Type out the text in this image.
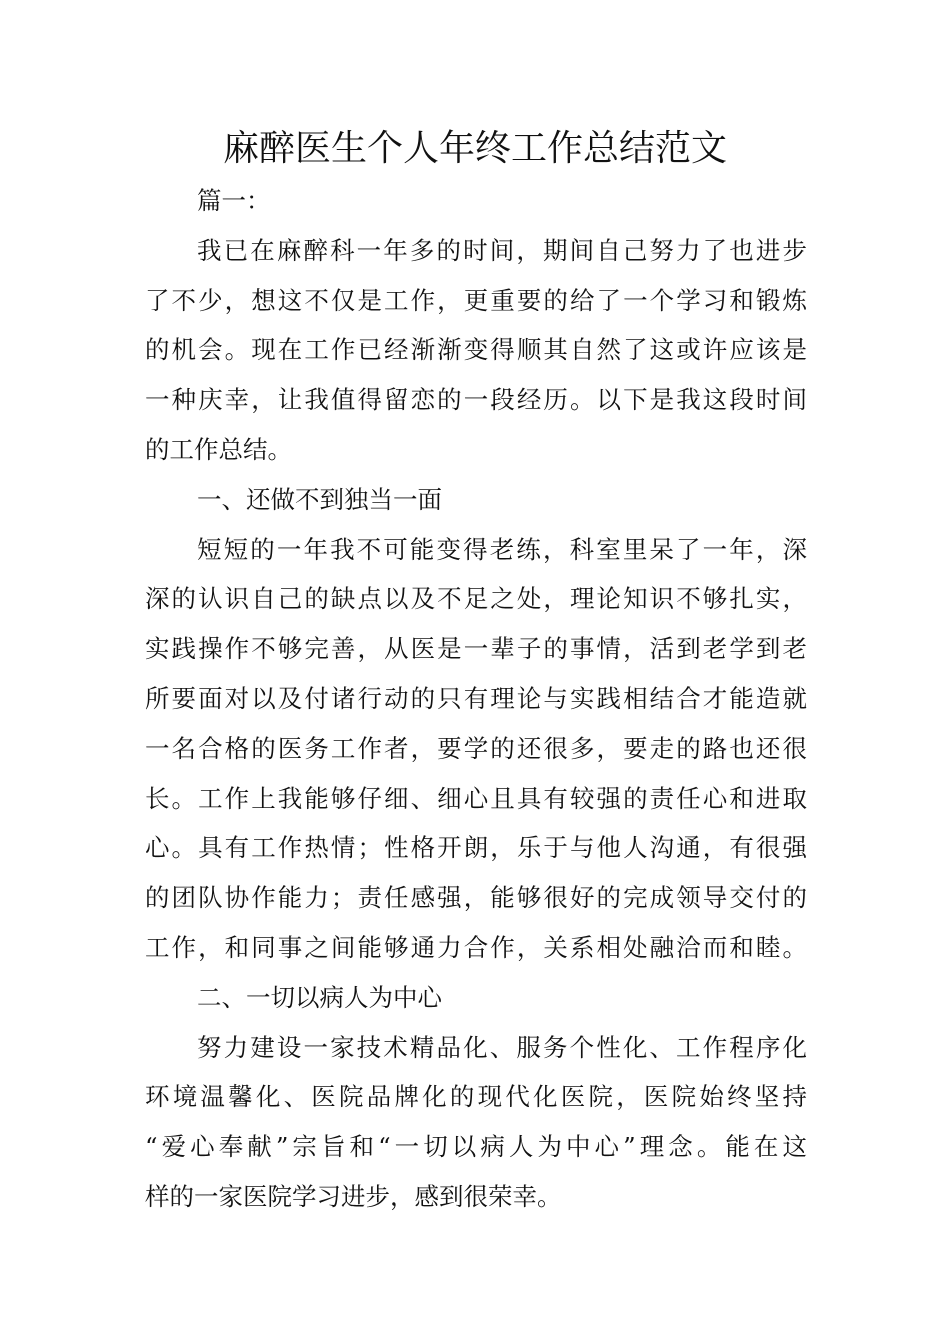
麻醉医生个人年终工作总结范文

篇一：

我已在麻醉科一年多的时间，期间自己努力了也进步

了不少，想这不仅是工作，更重要的给了一个学习和锻炼

的机会。现在工作已经渐渐变得顺其自然了这或许应该是

一种庆幸，让我值得留恋的一段经历。以下是我这段时间

的工作总结。

一、还做不到独当一面

短短的一年我不可能变得老练，科室里呆了一年，深

深的认识自己的缺点以及不足之处，理论知识不够扎实，

实践操作不够完善，从医是一辈子的事情，活到老学到老

所要面对以及付诸行动的只有理论与实践相结合才能造就

一名合格的医务工作者，要学的还很多，要走的路也还很

长。工作上我能够仔细、细心且具有较强的责任心和进取

心。具有工作热情；性格开朗，乐于与他人沟通，有很强

的团队协作能力；责任感强，能够很好的完成领导交付的

工作，和同事之间能够通力合作，关系相处融洽而和睦。

二、一切以病人为中心

努力建设一家技术精品化、服务个性化、工作程序化

环境温馨化、医院品牌化的现代化医院，医院始终坚持

“爱心奉献”宗旨和“一切以病人为中心”理念。能在这

样的一家医院学习进步，感到很荣幸。
